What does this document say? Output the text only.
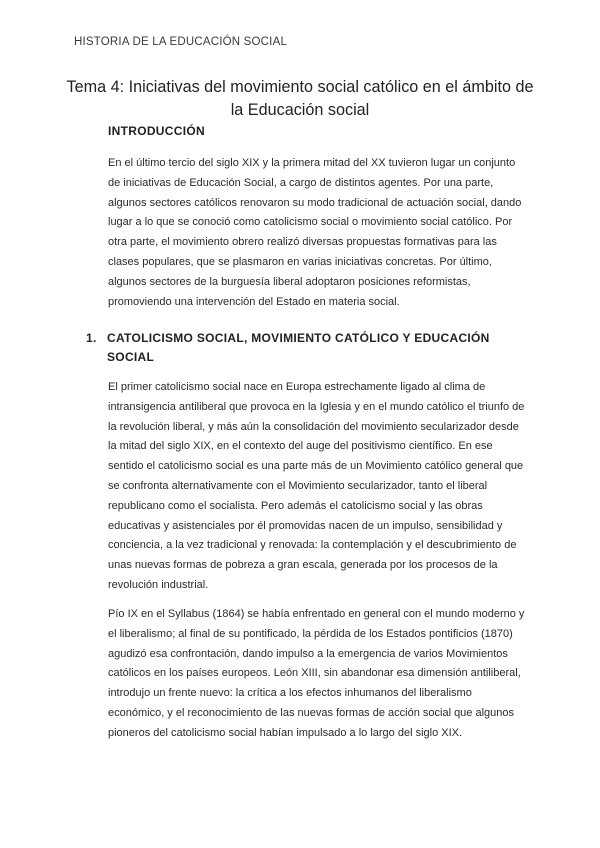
HISTORIA DE LA EDUCACIÓN SOCIAL
Tema 4: Iniciativas del movimiento social católico en el ámbito de la Educación social
INTRODUCCIÓN
En el último tercio del siglo XIX y la primera mitad del XX tuvieron lugar un conjunto de iniciativas de Educación Social, a cargo de distintos agentes. Por una parte, algunos sectores católicos renovaron su modo tradicional de actuación social, dando lugar a lo que se conoció como catolicismo social o movimiento social católico. Por otra parte, el movimiento obrero realizó diversas propuestas formativas para las clases populares, que se plasmaron en varias iniciativas concretas. Por último, algunos sectores de la burguesía liberal adoptaron posiciones reformistas, promoviendo una intervención del Estado en materia social.
1. CATOLICISMO SOCIAL, MOVIMIENTO CATÓLICO Y EDUCACIÓN SOCIAL
El primer catolicismo social nace en Europa estrechamente ligado al clima de intransigencia antiliberal que provoca en la Iglesia y en el mundo católico el triunfo de la revolución liberal, y más aún la consolidación del movimiento secularizador desde la mitad del siglo XIX, en el contexto del auge del positivismo científico. En ese sentido el catolicismo social es una parte más de un Movimiento católico general que se confronta alternativamente con el Movimiento secularizador, tanto el liberal republicano como el socialista. Pero además el catolicismo social y las obras educativas y asistenciales por él promovidas nacen de un impulso, sensibilidad y conciencia, a la vez tradicional y renovada: la contemplación y el descubrimiento de unas nuevas formas de pobreza a gran escala, generada por los procesos de la revolución industrial.
Pío IX en el Syllabus (1864) se había enfrentado en general con el mundo moderno y el liberalismo; al final de su pontificado, la pérdida de los Estados pontificios (1870) agudizó esa confrontación, dando impulso a la emergencia de varios Movimientos católicos en los países europeos. León XIII, sin abandonar esa dimensión antiliberal, introdujo un frente nuevo: la crítica a los efectos inhumanos del liberalismo económico, y el reconocimiento de las nuevas formas de acción social que algunos pioneros del catolicismo social habían impulsado a lo largo del siglo XIX.
